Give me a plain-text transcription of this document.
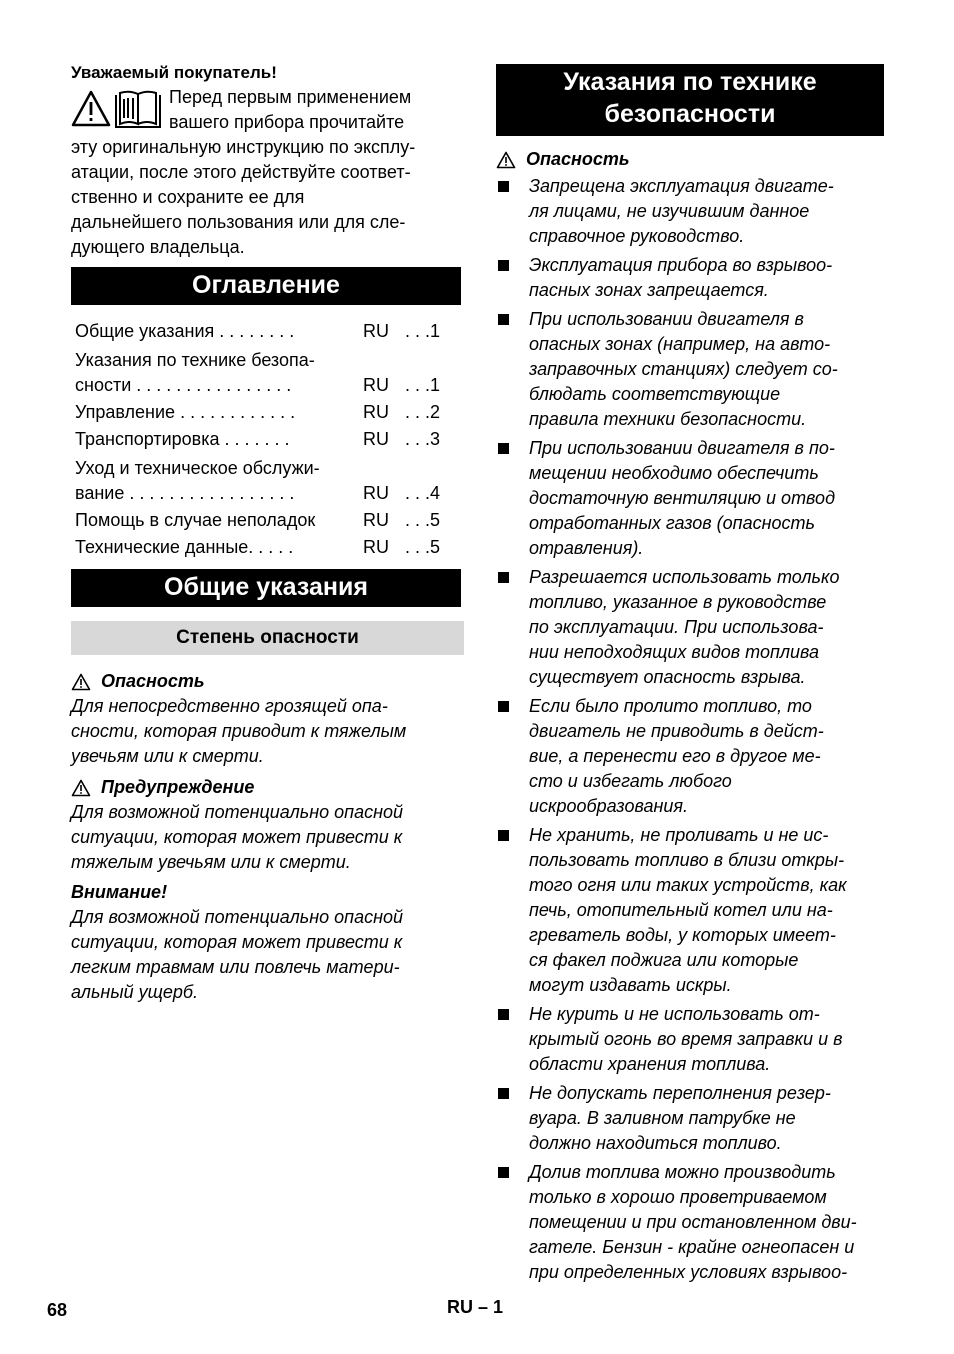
Уважаемый покупатель!

Перед первым применением
вашего прибора прочитайте
эту оригинальную инструкцию по эксплу-
атации, после этого действуйте соответ-
ственно и сохраните ее для
дальнейшего пользования или для сле-
дующего владельца.
Оглавление
Общие указания . . . . . . . .	RU	. . .1
Указания по технике безопа-
сности . . . . . . . . . . . . . . . .	RU	. . .1
Управление . . . . . . . . . . . .	RU	. . .2
Транспортировка . . . . . . .	RU	. . .3
Уход и техническое обслужи-
вание . . . . . . . . . . . . . . . . .	RU	. . .4
Помощь в случае неполадок	RU	. . .5
Технические данные. . . . .	RU	. . .5
Общие указания
Степень опасности

Опасность

Для непосредственно грозящей опа-
сности, которая приводит к тяжелым
увечьям или к смерти.

Предупреждение

Для возможной потенциально опасной
ситуации, которая может привести к
тяжелым увечьям или к смерти.

Внимание!

Для возможной потенциально опасной
ситуации, которая может привести к
легким травмам или повлечь матери-
альный ущерб.

Указания по технике
безопасности

Опасность

Запрещена эксплуатация двигате-
ля лицами, не изучившим данное
справочное руководство.
Эксплуатация прибора во взрывоо-
пасных зонах запрещается.
При использовании двигателя в
опасных зонах (например, на авто-
заправочных станциях) следует со-
блюдать соответствующие
правила техники безопасности.
При использовании двигателя в по-
мещении необходимо обеспечить
достаточную вентиляцию и отвод
отработанных газов (опасность
отравления).
Разрешается использовать только
топливо, указанное в руководстве
по эксплуатации. При использова-
нии неподходящих видов топлива
существует опасность взрыва.
Если было пролито топливо, то
двигатель не приводить в дейст-
вие, а перенести его в другое ме-
сто и избегать любого
искрообразования.
Не хранить, не проливать и не ис-
пользовать топливо в близи откры-
того огня или таких устройств, как
печь, отопительный котел или на-
греватель воды, у которых имеет-
ся факел поджига или которые
могут издавать искры.
Не курить и не использовать от-
крытый огонь во время заправки и в
области хранения топлива.
Не допускать переполнения резер-
вуара. В заливном патрубке не
должно находиться топливо.
Долив топлива можно производить
только в хорошо проветриваемом
помещении и при остановленном дви-
гателе. Бензин - крайне огнеопасен и
при определенных условиях взрывоо-
68	RU – 1
